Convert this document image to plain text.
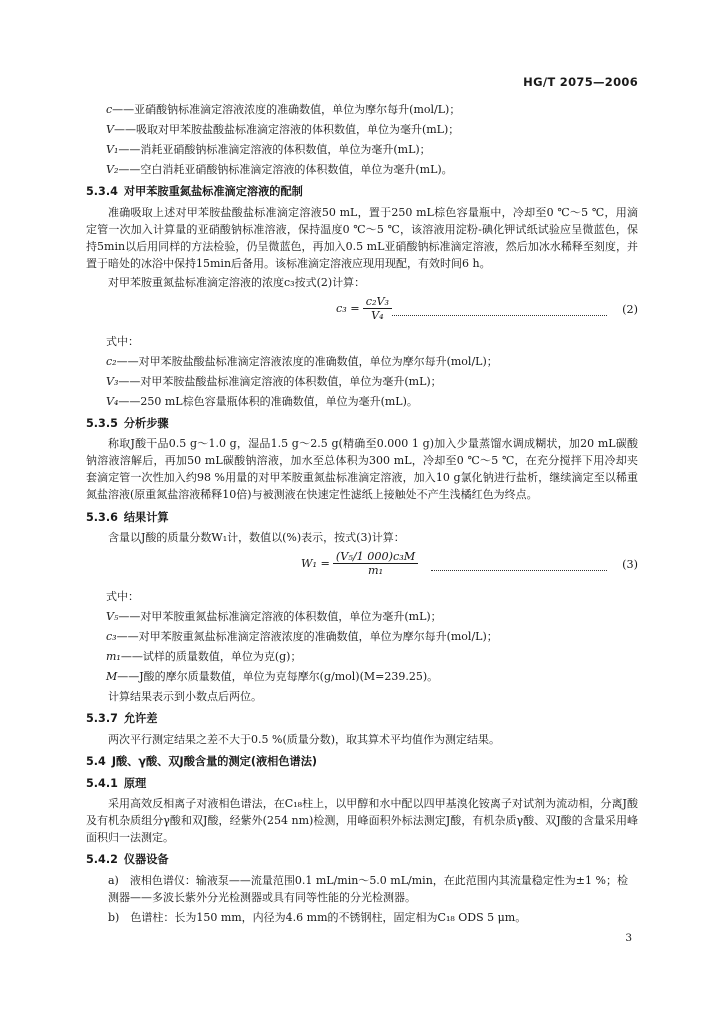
HG/T 2075—2006
c——亚硝酸钠标准滴定溶液浓度的准确数值，单位为摩尔每升(mol/L)；
V——吸取对甲苯胺盐酸盐标准滴定溶液的体积数值，单位为毫升(mL)；
V₁——消耗亚硝酸钠标准滴定溶液的体积数值，单位为毫升(mL)；
V₂——空白消耗亚硝酸钠标准滴定溶液的体积数值，单位为毫升(mL)。
5.3.4 对甲苯胺重氮盐标准滴定溶液的配制
准确吸取上述对甲苯胺盐酸盐标准滴定溶液50 mL，置于250 mL棕色容量瓶中，冷却至0 ℃～5 ℃，用滴定管一次加入计算量的亚硝酸钠标准溶液，保持温度0 ℃～5 ℃，该溶液用淀粉-碘化钾试纸试验应呈微蓝色，保持5min以后用同样的方法检验，仍呈微蓝色，再加入0.5 mL亚硝酸钠标准滴定溶液，然后加冰水稀释至刻度，并置于暗处的冰浴中保持15min后备用。该标准滴定溶液应现用现配，有效时间6 h。
对甲苯胺重氮盐标准滴定溶液的浓度c₃按式(2)计算：
$c_3 = \frac{\text{c₂V₃}}{\text{V₄}}$	(2)
式中：
c₂——对甲苯胺盐酸盐标准滴定溶液浓度的准确数值，单位为摩尔每升(mol/L)；
V₃——对甲苯胺盐酸盐标准滴定溶液的体积数值，单位为毫升(mL)；
V₄——250 mL棕色容量瓶体积的准确数值，单位为毫升(mL)。
5.3.5 分析步骤
称取J酸干品0.5 g～1.0 g，湿品1.5 g～2.5 g(精确至0.000 1 g)加入少量蒸馏水调成糊状，加20 mL碳酸钠溶液溶解后，再加50 mL碳酸钠溶液，加水至总体积为300 mL，冷却至0 ℃～5 ℃，在充分搅拌下用冷却夹套滴定管一次性加入约98 %用量的对甲苯胺重氮盐标准滴定溶液，加入10 g氯化钠进行盐析，继续滴定至以稀重氮盐溶液(原重氮盐溶液稀释10倍)与被测液在快速定性滤纸上接触处不产生浅橘红色为终点。
5.3.6 结果计算
含量以J酸的质量分数W₁计，数值以(%)表示，按式(3)计算：
$W_1 = \frac{\text{(V₅/1 000)c₃M}}{\text{m₁}}$	(3)
式中：
V₅——对甲苯胺重氮盐标准滴定溶液的体积数值，单位为毫升(mL)；
c₃——对甲苯胺重氮盐标准滴定溶液浓度的准确数值，单位为摩尔每升(mol/L)；
m₁——试样的质量数值，单位为克(g)；
M——J酸的摩尔质量数值，单位为克每摩尔(g/mol)(M=239.25)。
计算结果表示到小数点后两位。
5.3.7 允许差
两次平行测定结果之差不大于0.5 %(质量分数)，取其算术平均值作为测定结果。
5.4 J酸、γ酸、双J酸含量的测定(液相色谱法)
5.4.1 原理
采用高效反相离子对液相色谱法，在C₁₈柱上，以甲醇和水中配以四甲基溴化铵离子对试剂为流动相，分离J酸及有机杂质组分γ酸和双J酸，经紫外(254 nm)检测，用峰面积外标法测定J酸，有机杂质γ酸、双J酸的含量采用峰面积归一法测定。
5.4.2 仪器设备
a)　液相色谱仪：输液泵——流量范围0.1 mL/min～5.0 mL/min，在此范围内其流量稳定性为±1 %；检测器——多波长紫外分光检测器或具有同等性能的分光检测器。
b)　色谱柱：长为150 mm，内径为4.6 mm的不锈钢柱，固定相为C₁₈ ODS 5 μm。
3
